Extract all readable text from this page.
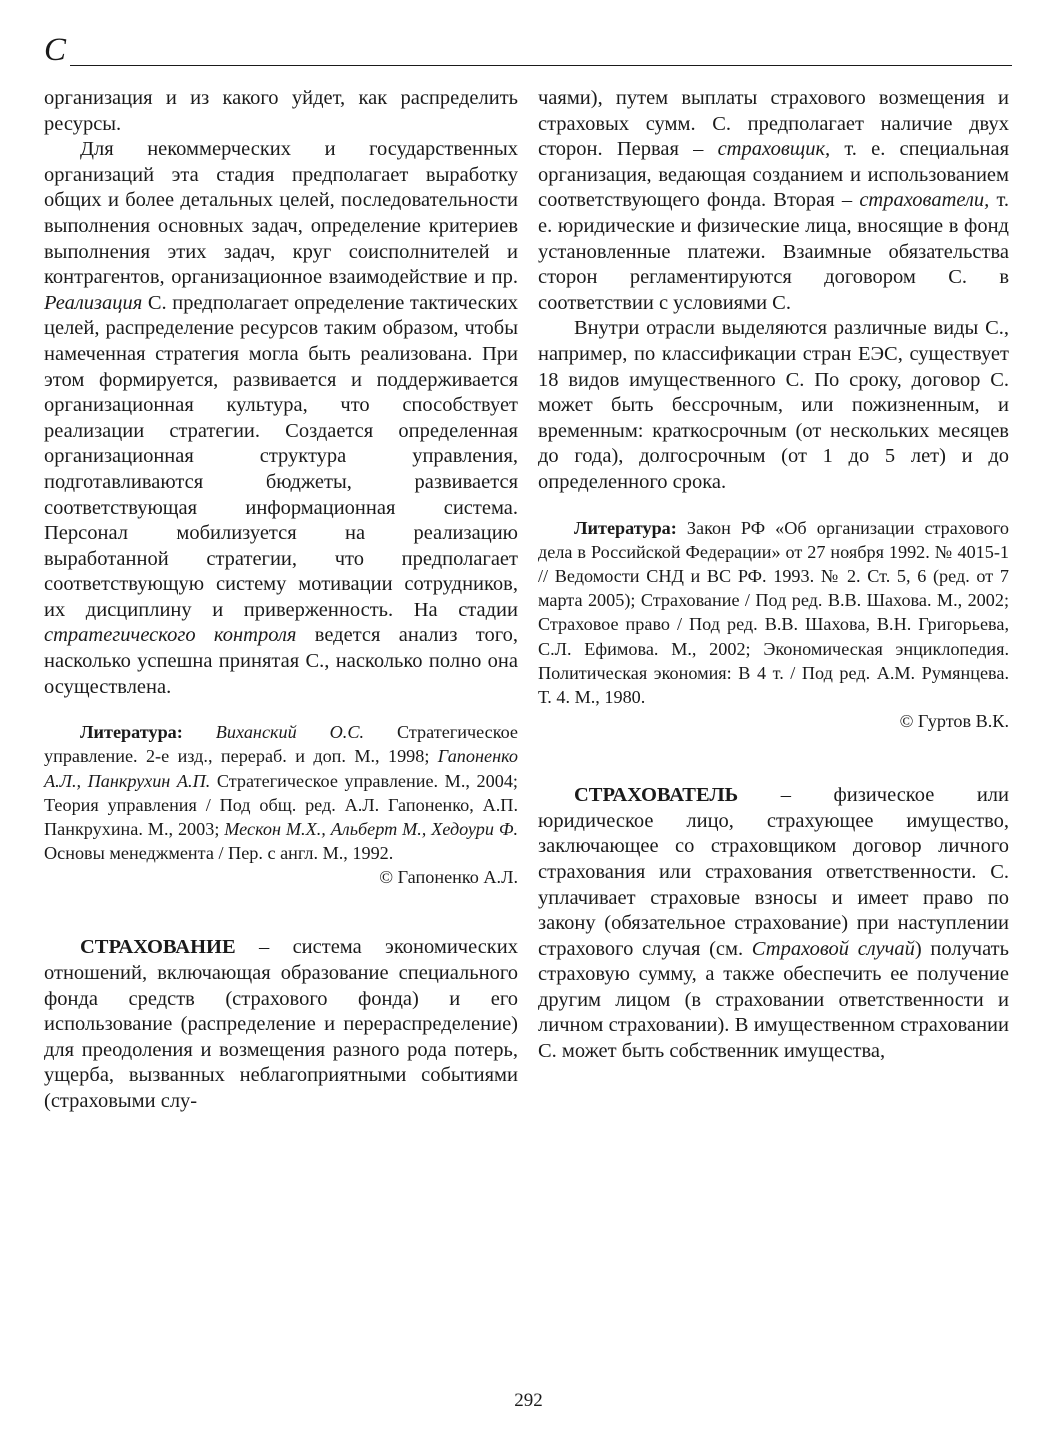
С

организация и из какого уйдет, как распределить ресурсы.

Для некоммерческих и государственных организаций эта стадия предполагает выработку общих и более детальных целей, последовательности выполнения основных задач, определение критериев выполнения этих задач, круг соисполнителей и контрагентов, организационное взаимодействие и пр. Реализация С. предполагает определение тактических целей, распределение ресурсов таким образом, чтобы намеченная стратегия могла быть реализована. При этом формируется, развивается и поддерживается организационная культура, что способствует реализации стратегии. Создается определенная организационная структура управления, подготавливаются бюджеты, развивается соответствующая информационная система. Персонал мобилизуется на реализацию выработанной стратегии, что предполагает соответствующую систему мотивации сотрудников, их дисциплину и приверженность. На стадии стратегического контроля ведется анализ того, насколько успешна принятая С., насколько полно она осуществлена.

Литература: Виханский О.С. Стратегическое управление. 2-е изд., перераб. и доп. М., 1998; Гапоненко А.Л., Панкрухин А.П. Стратегическое управление. М., 2004; Теория управления / Под общ. ред. А.Л. Гапоненко, А.П. Панкрухина. М., 2003; Мескон М.Х., Альберт М., Хедоури Ф. Основы менеджмента / Пер. с англ. М., 1992.

© Гапоненко А.Л.

СТРАХОВАНИЕ – система экономических отношений, включающая образование специального фонда средств (страхового фонда) и его использование (распределение и перераспределение) для преодоления и возмещения разного рода потерь, ущерба, вызванных неблагоприятными событиями (страховыми слу-

чаями), путем выплаты страхового возмещения и страховых сумм. С. предполагает наличие двух сторон. Первая – страховщик, т. е. специальная организация, ведающая созданием и использованием соответствующего фонда. Вторая – страхователи, т. е. юридические и физические лица, вносящие в фонд установленные платежи. Взаимные обязательства сторон регламентируются договором С. в соответствии с условиями С.

Внутри отрасли выделяются различные виды С., например, по классификации стран ЕЭС, существует 18 видов имущественного С. По сроку, договор С. может быть бессрочным, или пожизненным, и временным: краткосрочным (от нескольких месяцев до года), долгосрочным (от 1 до 5 лет) и до определенного срока.

Литература: Закон РФ «Об организации страхового дела в Российской Федерации» от 27 ноября 1992. № 4015-1 // Ведомости СНД и ВС РФ. 1993. № 2. Ст. 5, 6 (ред. от 7 марта 2005); Страхование / Под ред. В.В. Шахова. М., 2002; Страховое право / Под ред. В.В. Шахова, В.Н. Григорьева, С.Л. Ефимова. М., 2002; Экономическая энциклопедия. Политическая экономия: В 4 т. / Под ред. А.М. Румянцева. Т. 4. М., 1980.

© Гуртов В.К.

СТРАХОВАТЕЛЬ – физическое или юридическое лицо, страхующее имущество, заключающее со страховщиком договор личного страхования или страхования ответственности. С. уплачивает страховые взносы и имеет право по закону (обязательное страхование) при наступлении страхового случая (см. Страховой случай) получать страховую сумму, а также обеспечить ее получение другим лицом (в страховании ответственности и личном страховании). В имущественном страховании С. может быть собственник имущества,

292
